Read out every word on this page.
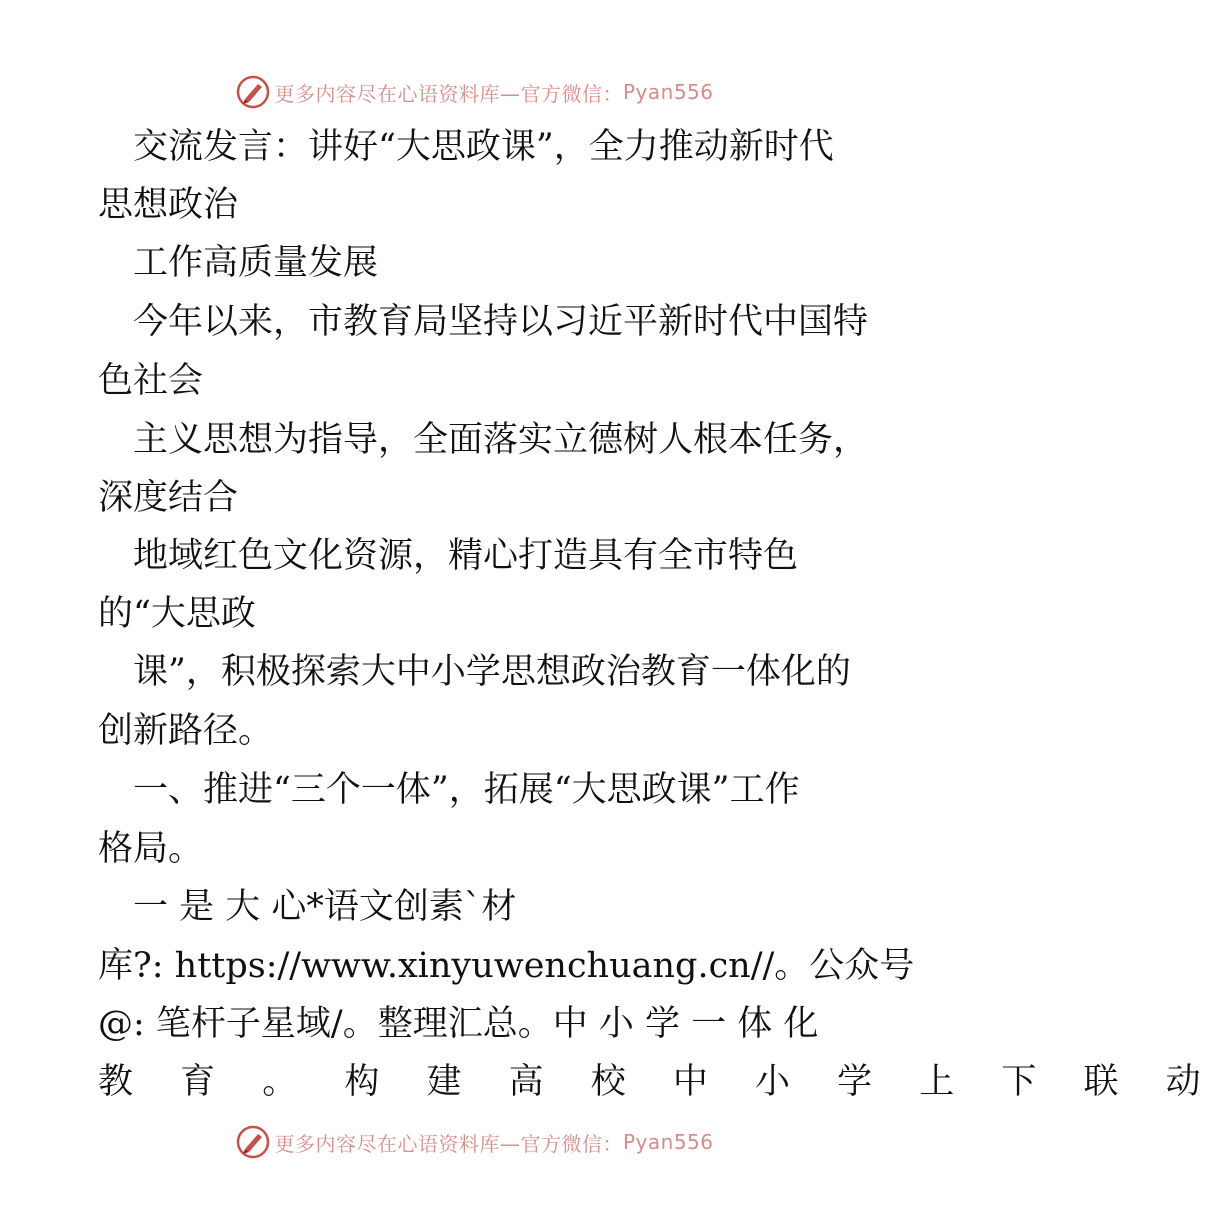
更多内容尽在心语资料库—官方微信： Pyan556
　交流发言：讲好“大思政课”，全力推动新时代
思想政治
　工作高质量发展
　今年以来，市教育局坚持以习近平新时代中国特
色社会
　主义思想为指导，全面落实立德树人根本任务，
深度结合
　地域红色文化资源，精心打造具有全市特色
的“大思政
　课”，积极探索大中小学思想政治教育一体化的
创新路径。
　一、推进“三个一体”，拓展“大思政课”工作
格局。
　一 是 大 心*语文创素`材
库?: https://www.xinyuwenchuang.cn//。公众号
@: 笔杆子星域/。整理汇总。中 小 学 一 体 化
教 育 。 构 建 高 校 中 小 学 上 下 联 动
更多内容尽在心语资料库—官方微信： Pyan556
